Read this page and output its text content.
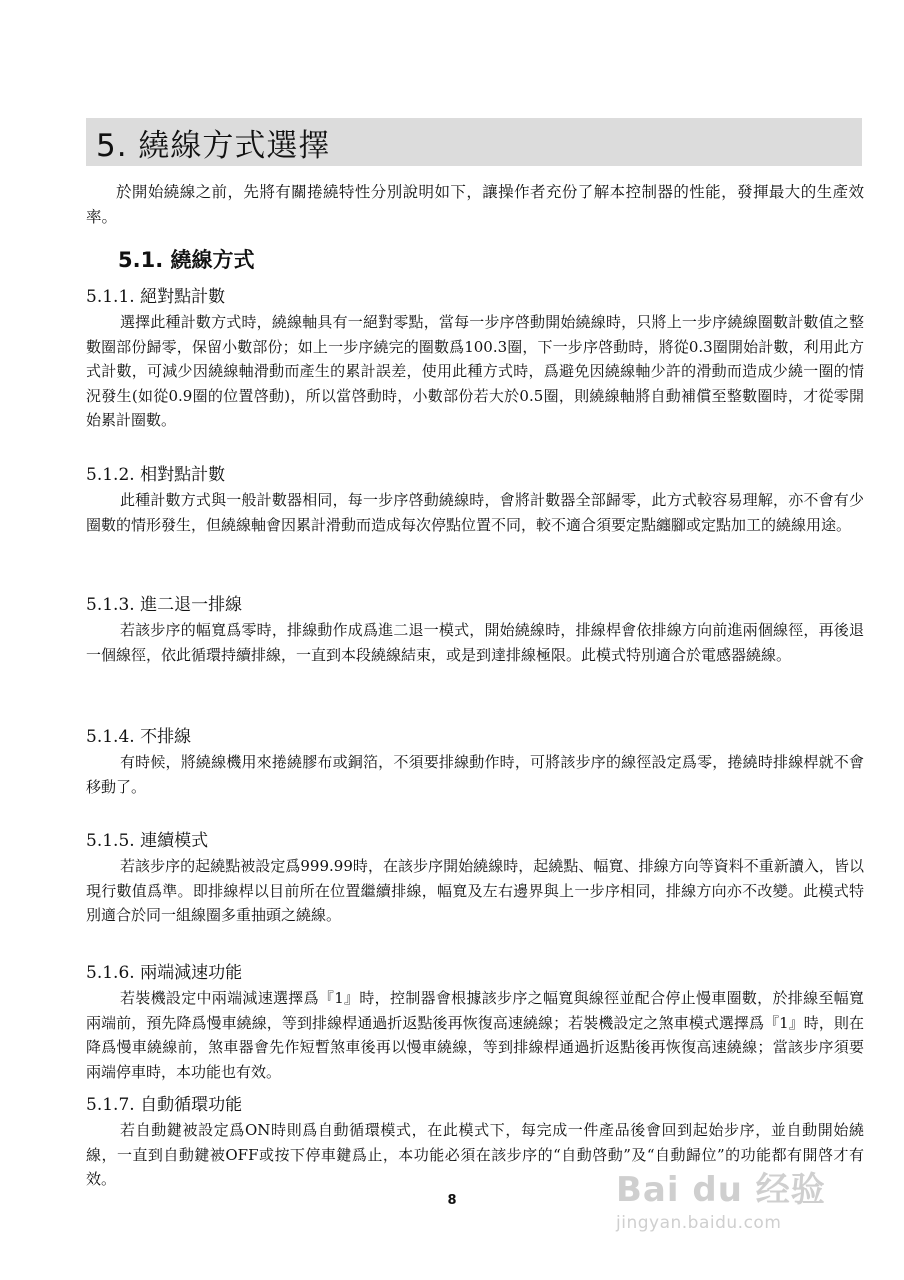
5. 繞線方式選擇

於開始繞線之前，先將有關捲繞特性分別說明如下，讓操作者充份了解本控制器的性能，發揮最大的生產效率。

5.1. 繞線方式
5.1.1. 絕對點計數

選擇此種計數方式時，繞線軸具有一絕對零點，當每一步序啓動開始繞線時，只將上一步序繞線圈數計數值之整數圈部份歸零，保留小數部份；如上一步序繞完的圈數爲100.3圈，下一步序啓動時，將從0.3圈開始計數，利用此方式計數，可減少因繞線軸滑動而產生的累計誤差，使用此種方式時，爲避免因繞線軸少許的滑動而造成少繞一圈的情況發生(如從0.9圈的位置啓動)，所以當啓動時，小數部份若大於0.5圈，則繞線軸將自動補償至整數圈時，才從零開始累計圈數。

5.1.2. 相對點計數

此種計數方式與一般計數器相同，每一步序啓動繞線時，會將計數器全部歸零，此方式較容易理解，亦不會有少圈數的情形發生，但繞線軸會因累計滑動而造成每次停點位置不同，較不適合須要定點纏腳或定點加工的繞線用途。

5.1.3. 進二退一排線

若該步序的幅寬爲零時，排線動作成爲進二退一模式，開始繞線時，排線桿會依排線方向前進兩個線徑，再後退一個線徑，依此循環持續排線，一直到本段繞線結束，或是到達排線極限。此模式特別適合於電感器繞線。

5.1.4. 不排線

有時候，將繞線機用來捲繞膠布或銅箔，不須要排線動作時，可將該步序的線徑設定爲零，捲繞時排線桿就不會移動了。

5.1.5. 連續模式

若該步序的起繞點被設定爲999.99時，在該步序開始繞線時，起繞點、幅寬、排線方向等資料不重新讀入，皆以現行數值爲準。即排線桿以目前所在位置繼續排線，幅寬及左右邊界與上一步序相同，排線方向亦不改變。此模式特別適合於同一組線圈多重抽頭之繞線。

5.1.6. 兩端減速功能

若裝機設定中兩端減速選擇爲『1』時，控制器會根據該步序之幅寬與線徑並配合停止慢車圈數，於排線至幅寬兩端前，預先降爲慢車繞線，等到排線桿通過折返點後再恢復高速繞線；若裝機設定之煞車模式選擇爲『1』時，則在降爲慢車繞線前，煞車器會先作短暫煞車後再以慢車繞線，等到排線桿通過折返點後再恢復高速繞線；當該步序須要兩端停車時，本功能也有效。

5.1.7. 自動循環功能

若自動鍵被設定爲ON時則爲自動循環模式，在此模式下，每完成一件產品後會回到起始步序，並自動開始繞線，一直到自動鍵被OFF或按下停車鍵爲止，本功能必須在該步序的“自動啓動”及“自動歸位”的功能都有開啓才有效。

8	Bai du 经验
jingyan.baidu.com
